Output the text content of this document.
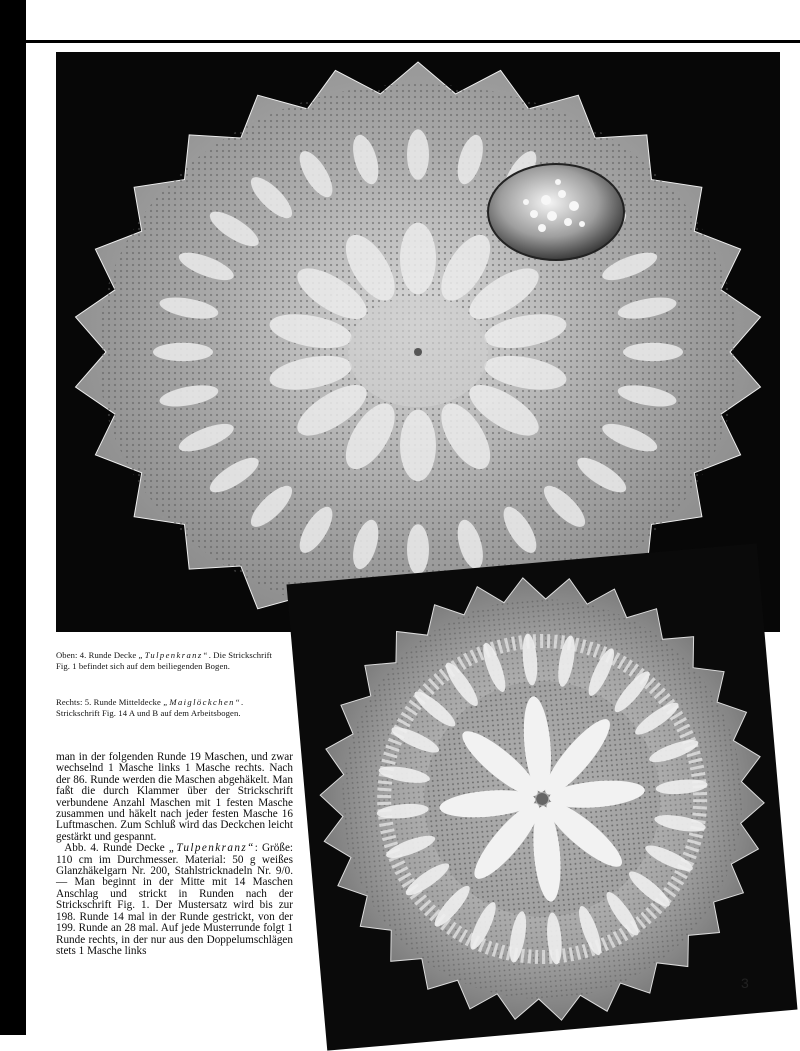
Oben: 4. Runde Decke „Tulpenkranz“. Die Strickschrift Fig. 1 befindet sich auf dem beiliegenden Bogen.
Rechts: 5. Runde Mitteldecke „Maiglöckchen“. Strickschrift Fig. 14 A und B auf dem Arbeitsbogen.

man in der folgenden Runde 19 Maschen, und zwar wechselnd 1 Masche links 1 Masche rechts. Nach der 86. Runde werden die Maschen abgehäkelt. Man faßt die durch Klammer über der Strickschrift verbundene Anzahl Maschen mit 1 festen Masche zusammen und häkelt nach jeder festen Masche 16 Luftmaschen. Zum Schluß wird das Deckchen leicht gestärkt und gespannt.

Abb. 4. Runde Decke „Tulpenkranz“: Größe: 110 cm im Durchmesser. Material: 50 g weißes Glanzhäkelgarn Nr. 200, Stahlstricknadeln Nr. 9/0. — Man beginnt in der Mitte mit 14 Maschen Anschlag und strickt in Runden nach der Strickschrift Fig. 1. Der Mustersatz wird bis zur 198. Runde 14 mal in der Runde gestrickt, von der 199. Runde an 28 mal. Auf jede Musterrunde folgt 1 Runde rechts, in der nur aus den Doppelumschlägen stets 1 Masche links

3
